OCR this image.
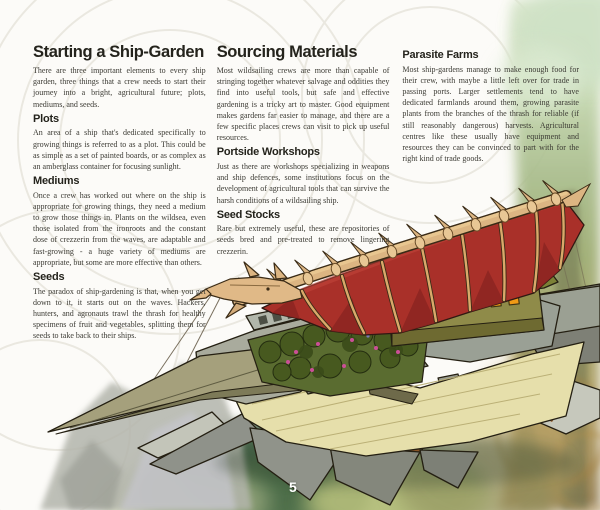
Starting a Ship-Garden

There are three important elements to every ship garden, three things that a crew needs to start their journey into a bright, agricultural future; plots, mediums, and seeds.

Plots

An area of a ship that's dedicated specifically to growing things is referred to as a plot. This could be as simple as a set of painted boards, or as complex as an amberglass container for focusing sunlight.

Mediums

Once a crew has worked out where on the ship is appropriate for growing things, they need a medium to grow those things in. Plants on the wildsea, even those isolated from the ironroots and the constant dose of crezzerin from the waves, are adaptable and fast-growing - a huge variety of mediums are appropriate, but some are more effective than others.

Seeds

The paradox of ship-gardening is that, when you get down to it, it starts out on the waves. Hackers, hunters, and agronauts trawl the thrash for healthy specimens of fruit and vegetables, splitting them for seeds to take back to their ships.

Sourcing Materials

Most wildsailing crews are more than capable of stringing together whatever salvage and oddities they find into useful tools, but safe and effective gardening is a tricky art to master. Good equipment makes gardens far easier to manage, and there are a few specific places crews can visit to pick up useful resources.

Portside Workshops

Just as there are workshops specializing in weapons and ship defences, some institutions focus on the development of agricultural tools that can survive the harsh conditions of a wildsailing ship.

Seed Stocks

Rare but extremely useful, these are repositories of seeds bred and pre-treated to remove lingering crezzerin.

Parasite Farms

Most ship-gardens manage to make enough food for their crew, with maybe a little left over for trade in passing ports. Larger settlements tend to have dedicated farmlands around them, growing parasite plants from the branches of the thrash for reliable (if still reasonably dangerous) harvests. Agricultural centres like these usually have equipment and resources they can be convinced to part with for the right kind of trade goods.

5
